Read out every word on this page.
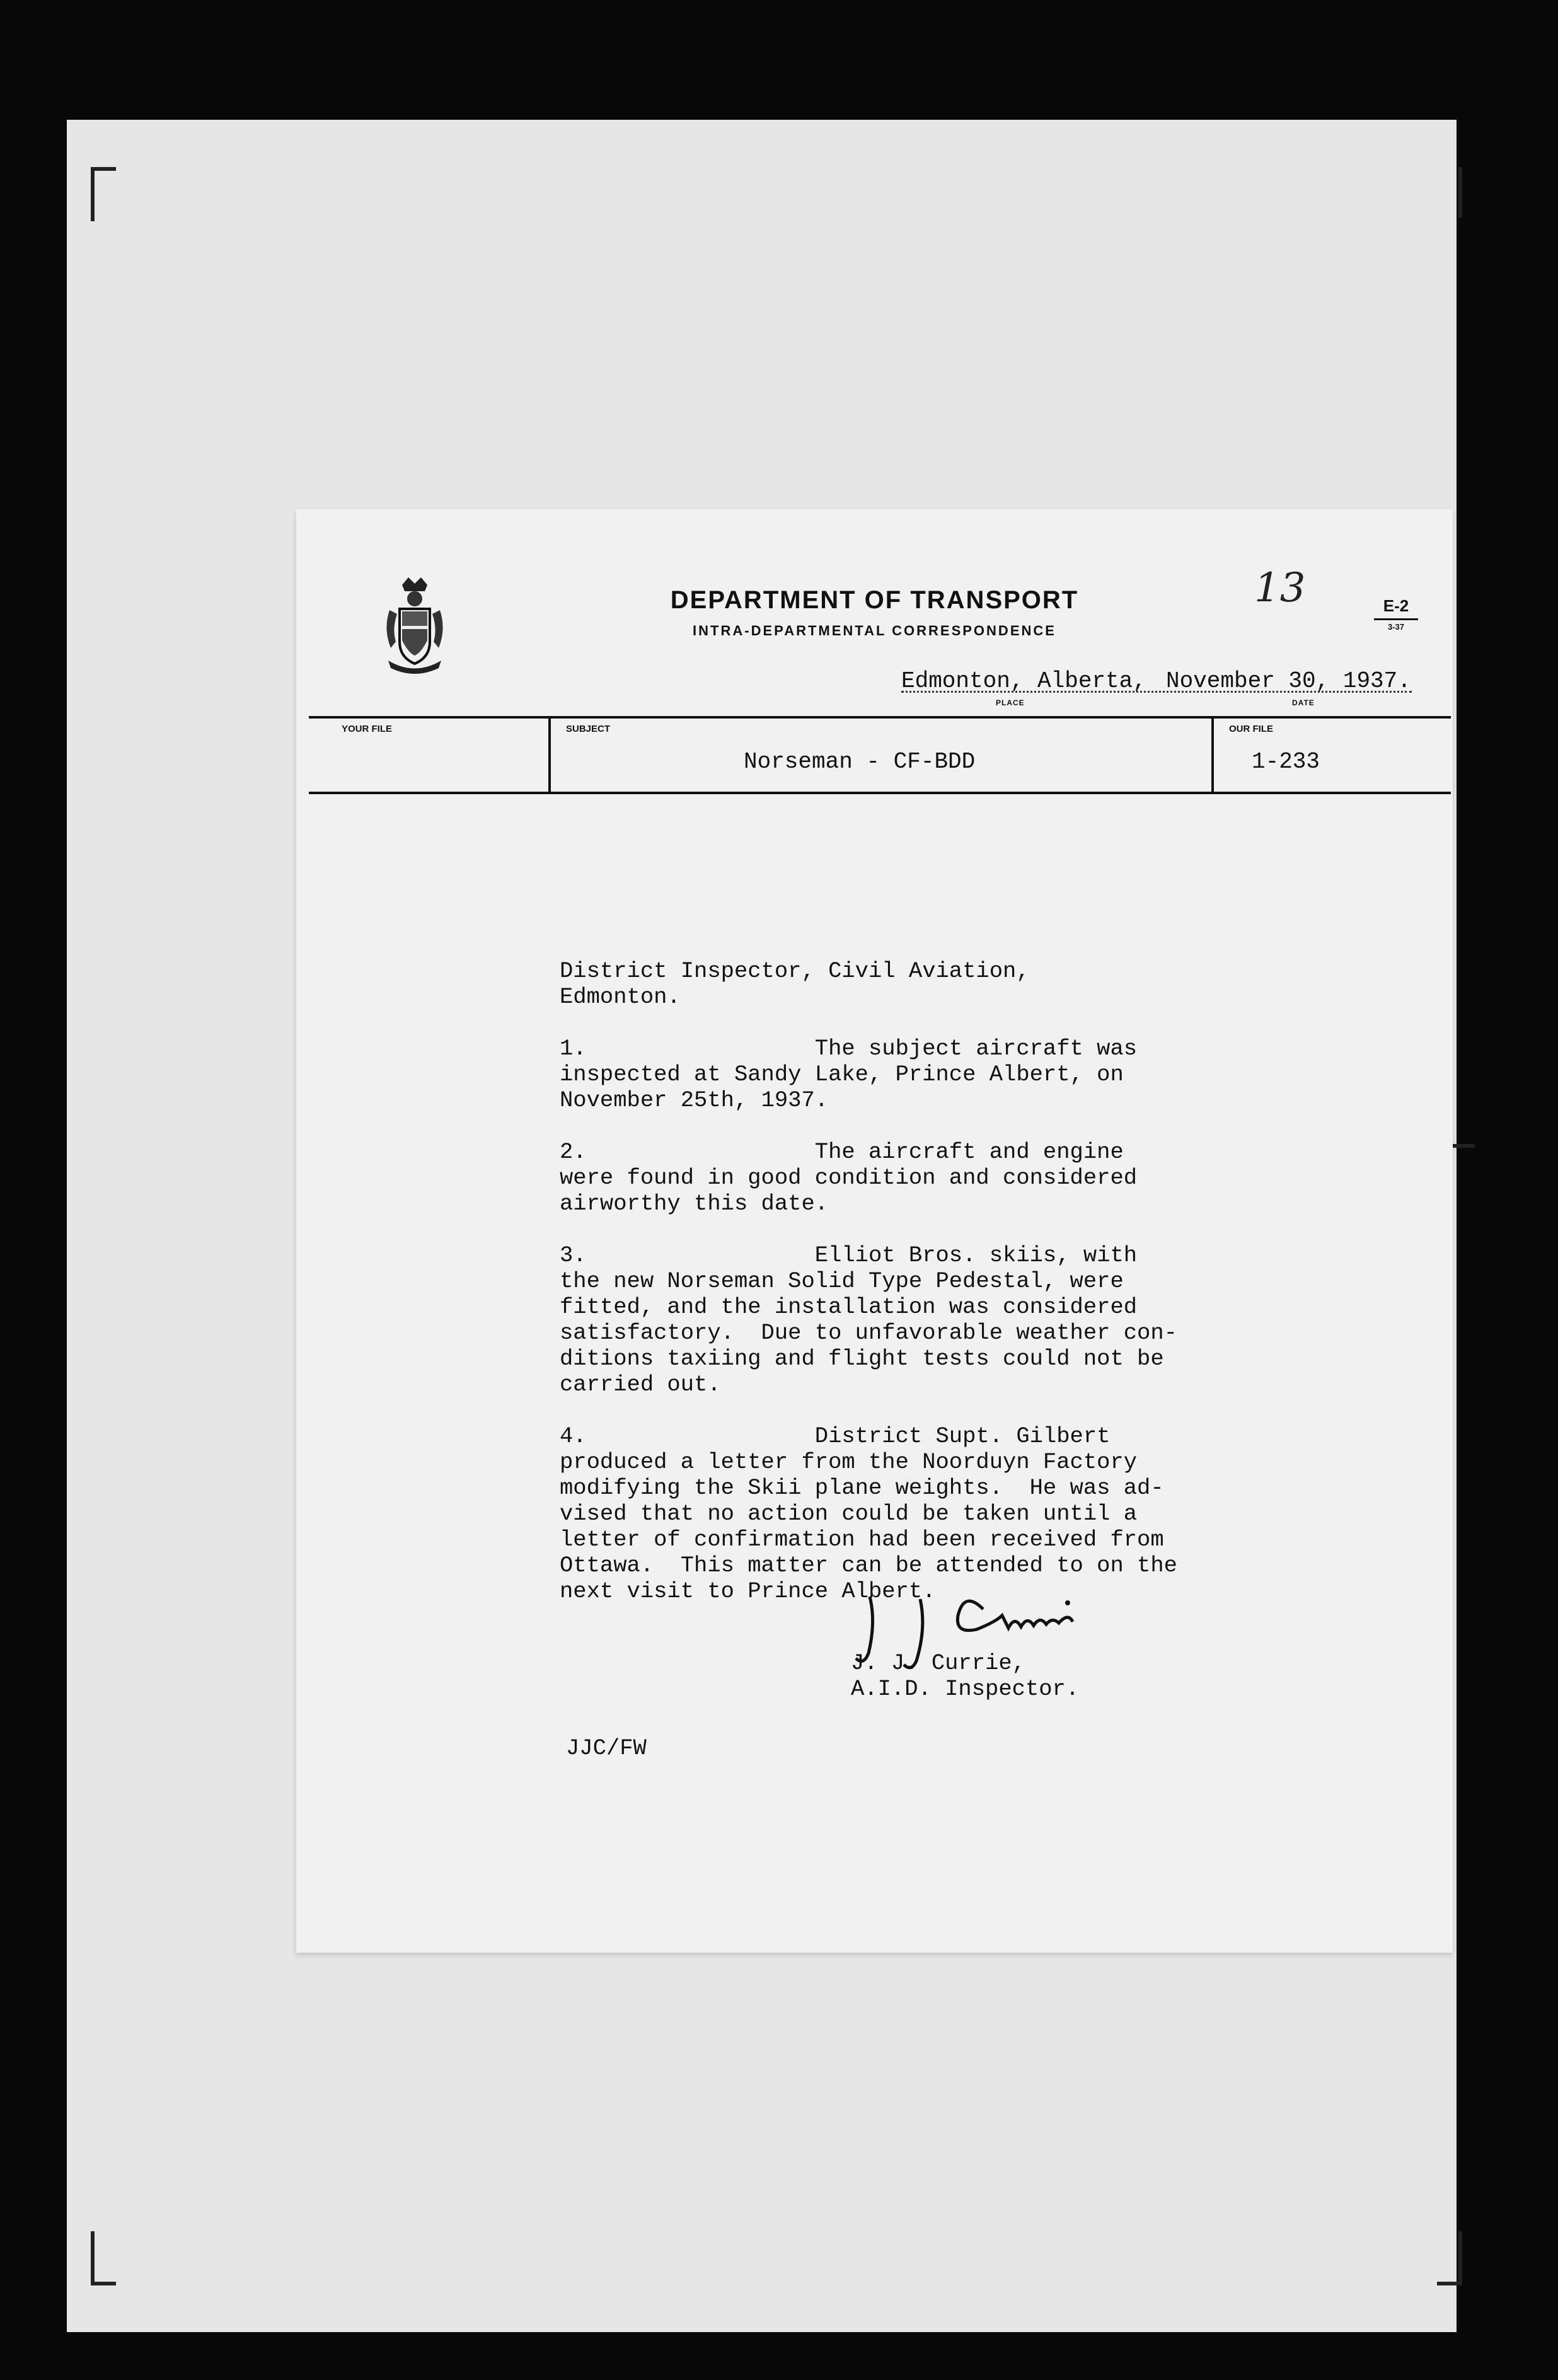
DEPARTMENT OF TRANSPORT
INTRA-DEPARTMENTAL CORRESPONDENCE
13	E-2
3-37
Edmonton, Alberta, November 30, 1937.
PLACE	DATE
YOUR FILE	SUBJECT
Norseman - CF-BDD
OUR FILE
1-233

District Inspector, Civil Aviation,
Edmonton.

1.                 The subject aircraft was
inspected at Sandy Lake, Prince Albert, on
November 25th, 1937.

2.                 The aircraft and engine
were found in good condition and considered
airworthy this date.

3.                 Elliot Bros. skiis, with
the new Norseman Solid Type Pedestal, were
fitted, and the installation was considered
satisfactory.  Due to unfavorable weather con-
ditions taxiing and flight tests could not be
carried out.

4.                 District Supt. Gilbert
produced a letter from the Noorduyn Factory
modifying the Skii plane weights.  He was ad-
vised that no action could be taken until a
letter of confirmation had been received from
Ottawa.  This matter can be attended to on the
next visit to Prince Albert.

J. J. Currie,
A.I.D. Inspector.
JJC/FW
